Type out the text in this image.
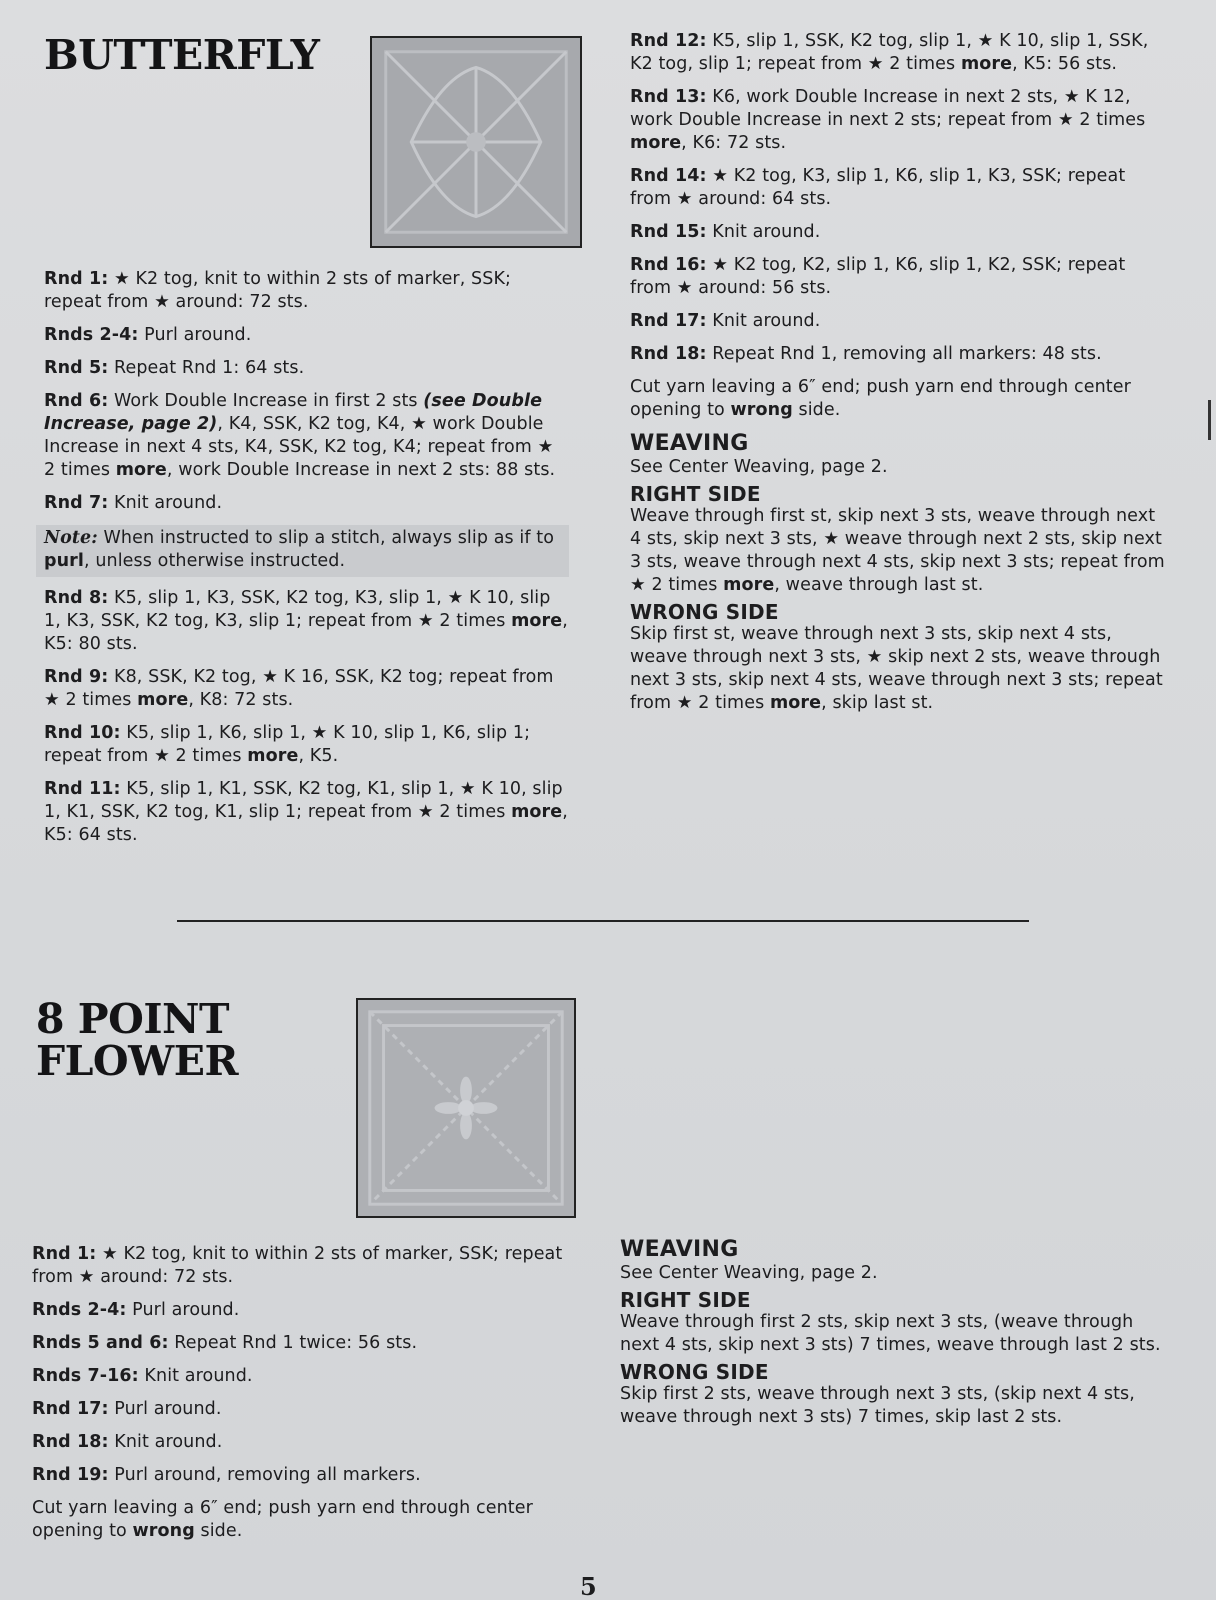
BUTTERFLY
Rnd 1: ★ K2 tog, knit to within 2 sts of marker, SSK; repeat from ★ around: 72 sts.
Rnds 2-4: Purl around.
Rnd 5: Repeat Rnd 1: 64 sts.
Rnd 6: Work Double Increase in first 2 sts (see Double Increase, page 2), K4, SSK, K2 tog, K4, ★ work Double Increase in next 4 sts, K4, SSK, K2 tog, K4; repeat from ★ 2 times more, work Double Increase in next 2 sts: 88 sts.
Rnd 7: Knit around.
Note: When instructed to slip a stitch, always slip as if to purl, unless otherwise instructed.
Rnd 8: K5, slip 1, K3, SSK, K2 tog, K3, slip 1, ★ K 10, slip 1, K3, SSK, K2 tog, K3, slip 1; repeat from ★ 2 times more, K5: 80 sts.
Rnd 9: K8, SSK, K2 tog, ★ K 16, SSK, K2 tog; repeat from ★ 2 times more, K8: 72 sts.
Rnd 10: K5, slip 1, K6, slip 1, ★ K 10, slip 1, K6, slip 1; repeat from ★ 2 times more, K5.
Rnd 11: K5, slip 1, K1, SSK, K2 tog, K1, slip 1, ★ K 10, slip 1, K1, SSK, K2 tog, K1, slip 1; repeat from ★ 2 times more, K5: 64 sts.
Rnd 12: K5, slip 1, SSK, K2 tog, slip 1, ★ K 10, slip 1, SSK, K2 tog, slip 1; repeat from ★ 2 times more, K5: 56 sts.
Rnd 13: K6, work Double Increase in next 2 sts, ★ K 12, work Double Increase in next 2 sts; repeat from ★ 2 times more, K6: 72 sts.
Rnd 14: ★ K2 tog, K3, slip 1, K6, slip 1, K3, SSK; repeat from ★ around: 64 sts.
Rnd 15: Knit around.
Rnd 16: ★ K2 tog, K2, slip 1, K6, slip 1, K2, SSK; repeat from ★ around: 56 sts.
Rnd 17: Knit around.
Rnd 18: Repeat Rnd 1, removing all markers: 48 sts.
Cut yarn leaving a 6″ end; push yarn end through center opening to wrong side.
WEAVING
See Center Weaving, page 2.
RIGHT SIDE
Weave through first st, skip next 3 sts, weave through next 4 sts, skip next 3 sts, ★ weave through next 2 sts, skip next 3 sts, weave through next 4 sts, skip next 3 sts; repeat from ★ 2 times more, weave through last st.
WRONG SIDE
Skip first st, weave through next 3 sts, skip next 4 sts, weave through next 3 sts, ★ skip next 2 sts, weave through next 3 sts, skip next 4 sts, weave through next 3 sts; repeat from ★ 2 times more, skip last st.
8 POINT
FLOWER
Rnd 1: ★ K2 tog, knit to within 2 sts of marker, SSK; repeat from ★ around: 72 sts.
Rnds 2-4: Purl around.
Rnds 5 and 6: Repeat Rnd 1 twice: 56 sts.
Rnds 7-16: Knit around.
Rnd 17: Purl around.
Rnd 18: Knit around.
Rnd 19: Purl around, removing all markers.
Cut yarn leaving a 6″ end; push yarn end through center opening to wrong side.
WEAVING
See Center Weaving, page 2.
RIGHT SIDE
Weave through first 2 sts, skip next 3 sts, (weave through next 4 sts, skip next 3 sts) 7 times, weave through last 2 sts.
WRONG SIDE
Skip first 2 sts, weave through next 3 sts, (skip next 4 sts, weave through next 3 sts) 7 times, skip last 2 sts.
5
